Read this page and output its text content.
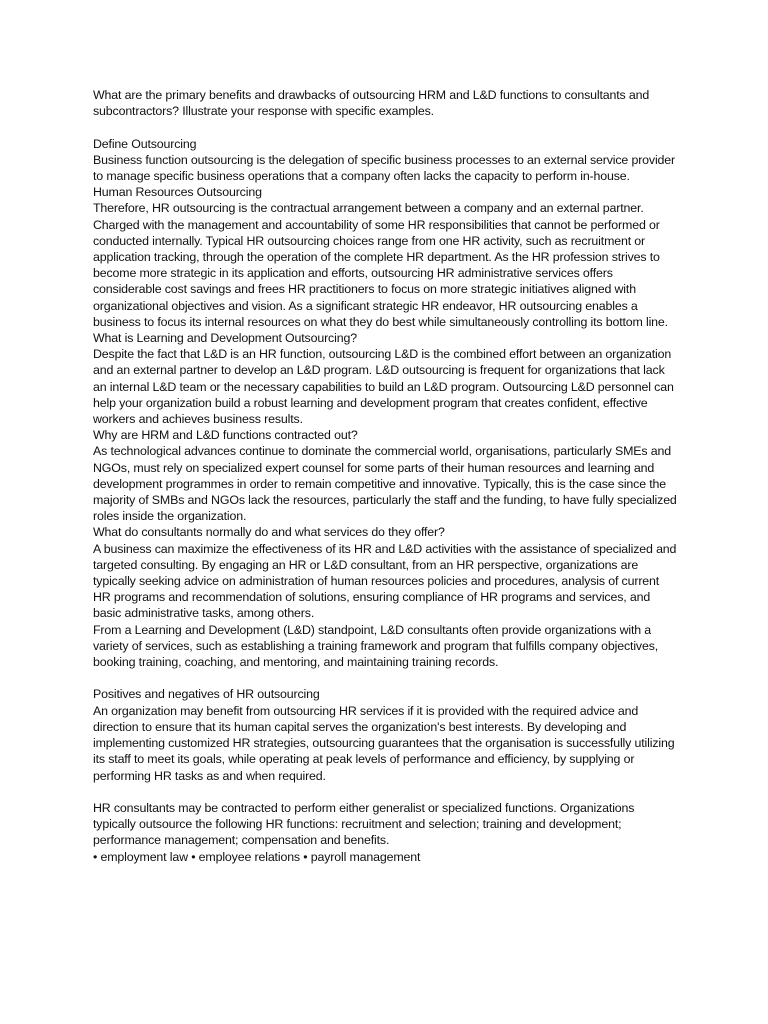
What are the primary benefits and drawbacks of outsourcing HRM and L&D functions to consultants and subcontractors? Illustrate your response with specific examples.

Define Outsourcing

Business function outsourcing is the delegation of specific business processes to an external service provider to manage specific business operations that a company often lacks the capacity to perform in-house.

Human Resources Outsourcing

Therefore, HR outsourcing is the contractual arrangement between a company and an external partner. Charged with the management and accountability of some HR responsibilities that cannot be performed or conducted internally. Typical HR outsourcing choices range from one HR activity, such as recruitment or application tracking, through the operation of the complete HR department. As the HR profession strives to become more strategic in its application and efforts, outsourcing HR administrative services offers considerable cost savings and frees HR practitioners to focus on more strategic initiatives aligned with organizational objectives and vision. As a significant strategic HR endeavor, HR outsourcing enables a business to focus its internal resources on what they do best while simultaneously controlling its bottom line.

What is Learning and Development Outsourcing?

Despite the fact that L&D is an HR function, outsourcing L&D is the combined effort between an organization and an external partner to develop an L&D program. L&D outsourcing is frequent for organizations that lack an internal L&D team or the necessary capabilities to build an L&D program. Outsourcing L&D personnel can help your organization build a robust learning and development program that creates confident, effective workers and achieves business results.

Why are HRM and L&D functions contracted out?

As technological advances continue to dominate the commercial world, organisations, particularly SMEs and NGOs, must rely on specialized expert counsel for some parts of their human resources and learning and development programmes in order to remain competitive and innovative. Typically, this is the case since the majority of SMBs and NGOs lack the resources, particularly the staff and the funding, to have fully specialized roles inside the organization.

What do consultants normally do and what services do they offer?

A business can maximize the effectiveness of its HR and L&D activities with the assistance of specialized and targeted consulting. By engaging an HR or L&D consultant, from an HR perspective, organizations are typically seeking advice on administration of human resources policies and procedures, analysis of current HR programs and recommendation of solutions, ensuring compliance of HR programs and services, and basic administrative tasks, among others.

From a Learning and Development (L&D) standpoint, L&D consultants often provide organizations with a variety of services, such as establishing a training framework and program that fulfills company objectives, booking training, coaching, and mentoring, and maintaining training records.

Positives and negatives of HR outsourcing

An organization may benefit from outsourcing HR services if it is provided with the required advice and direction to ensure that its human capital serves the organization's best interests. By developing and implementing customized HR strategies, outsourcing guarantees that the organisation is successfully utilizing its staff to meet its goals, while operating at peak levels of performance and efficiency, by supplying or performing HR tasks as and when required.

HR consultants may be contracted to perform either generalist or specialized functions. Organizations typically outsource the following HR functions: recruitment and selection; training and development; performance management; compensation and benefits.

• employment law • employee relations • payroll management
